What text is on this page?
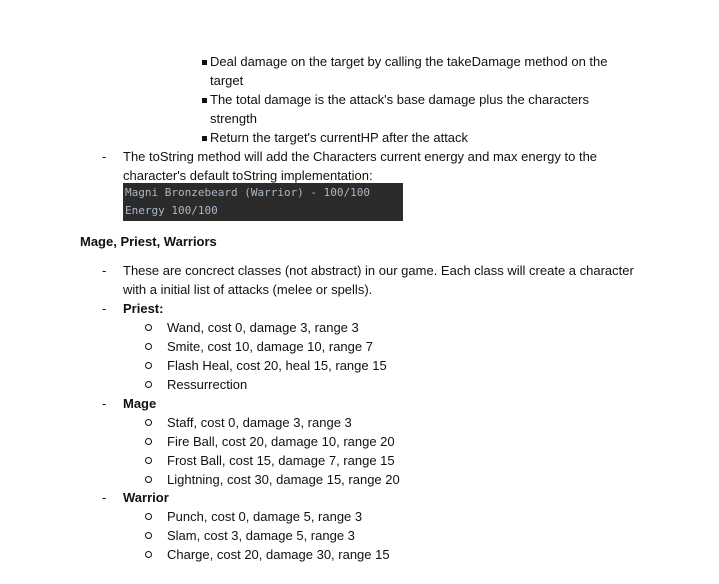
Deal damage on the target by calling the takeDamage method on the
target
The total damage is the attack's base damage plus the characters
strength
Return the target's currentHP after the attack
- The toString method will add the Characters current energy and max energy to the
character's default toString implementation:
Magni Bronzebeard (Warrior) - 100/100
Energy 100/100
Mage, Priest, Warriors
- These are concrect classes (not abstract) in our game. Each class will create a character
with a initial list of attacks (melee or spells).
- Priest:
Wand, cost 0, damage 3, range 3
Smite, cost 10, damage 10, range 7
Flash Heal, cost 20, heal 15, range 15
Ressurrection
- Mage
Staff, cost 0, damage 3, range 3
Fire Ball, cost 20, damage 10, range 20
Frost Ball, cost 15, damage 7, range 15
Lightning, cost 30, damage 15, range 20
- Warrior
Punch, cost 0, damage 5, range 3
Slam, cost 3, damage 5, range 3
Charge, cost 20, damage 30, range 15
